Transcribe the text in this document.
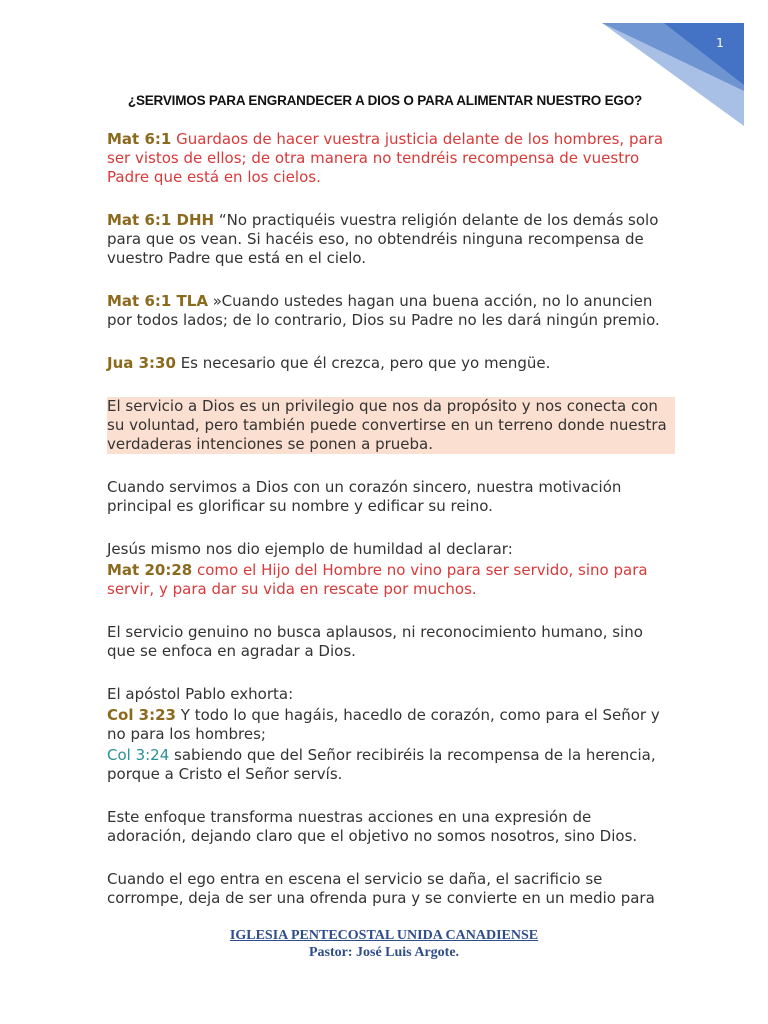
1
¿SERVIMOS PARA ENGRANDECER A DIOS O PARA ALIMENTAR NUESTRO EGO?

Mat 6:1 Guardaos de hacer vuestra justicia delante de los hombres, para ser vistos de ellos; de otra manera no tendréis recompensa de vuestro Padre que está en los cielos.

Mat 6:1 DHH “No practiquéis vuestra religión delante de los demás solo para que os vean. Si hacéis eso, no obtendréis ninguna recompensa de vuestro Padre que está en el cielo.

Mat 6:1 TLA »Cuando ustedes hagan una buena acción, no lo anuncien por todos lados; de lo contrario, Dios su Padre no les dará ningún premio.

Jua 3:30 Es necesario que él crezca, pero que yo mengüe.

El servicio a Dios es un privilegio que nos da propósito y nos conecta con su voluntad, pero también puede convertirse en un terreno donde nuestra verdaderas intenciones se ponen a prueba.

Cuando servimos a Dios con un corazón sincero, nuestra motivación principal es glorificar su nombre y edificar su reino.

Jesús mismo nos dio ejemplo de humildad al declarar:

Mat 20:28 como el Hijo del Hombre no vino para ser servido, sino para servir, y para dar su vida en rescate por muchos.

El servicio genuino no busca aplausos, ni reconocimiento humano, sino que se enfoca en agradar a Dios.

El apóstol Pablo exhorta:

Col 3:23 Y todo lo que hagáis, hacedlo de corazón, como para el Señor y no para los hombres;

Col 3:24 sabiendo que del Señor recibiréis la recompensa de la herencia, porque a Cristo el Señor servís.

Este enfoque transforma nuestras acciones en una expresión de adoración, dejando claro que el objetivo no somos nosotros, sino Dios.

Cuando el ego entra en escena el servicio se daña, el sacrificio se corrompe, deja de ser una ofrenda pura y se convierte en un medio para

IGLESIA PENTECOSTAL UNIDA CANADIENSE
Pastor: José Luis Argote.
